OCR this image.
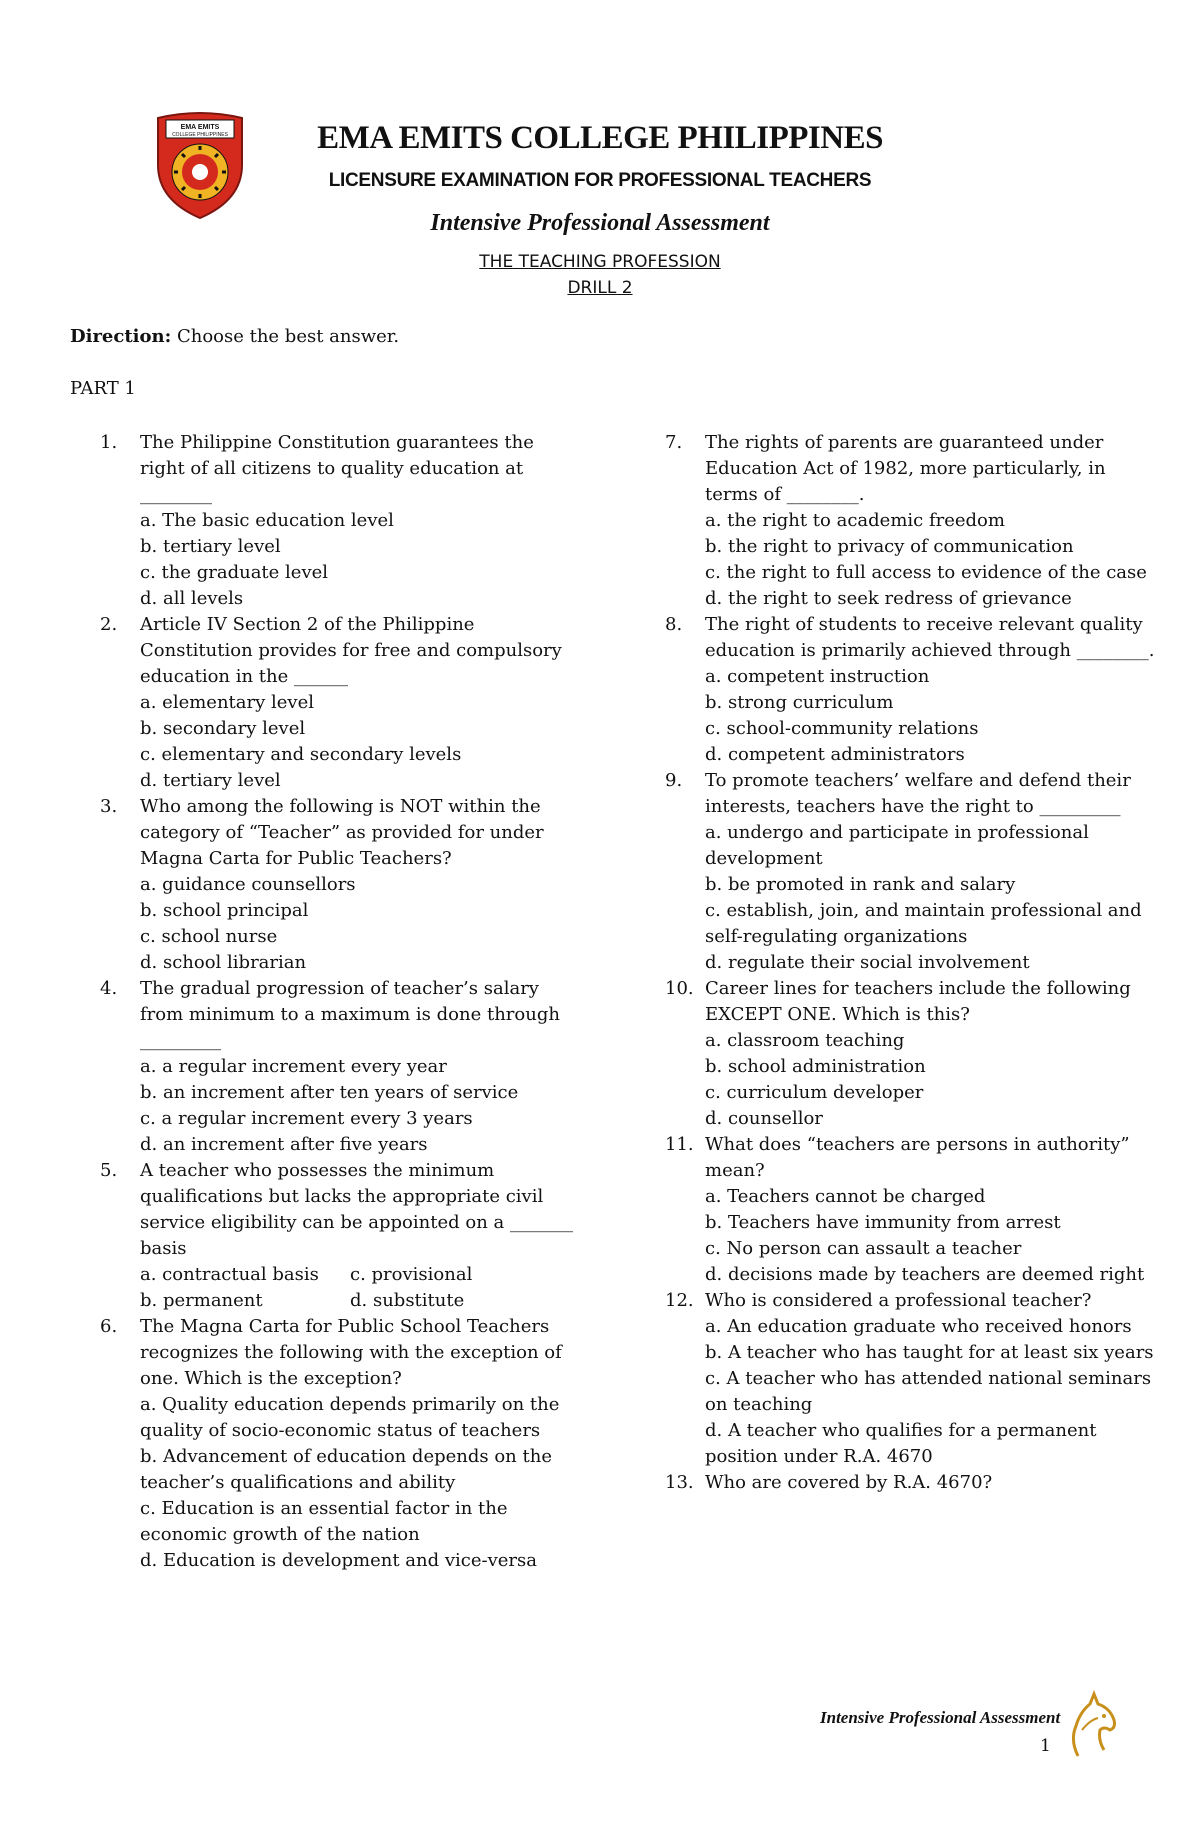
EMA EMITS
COLLEGE PHILIPPINES	EMA EMITS COLLEGE PHILIPPINES
LICENSURE EXAMINATION FOR PROFESSIONAL TEACHERS
Intensive Professional Assessment
THE TEACHING PROFESSION
DRILL 2
Direction: Choose the best answer.
PART 1
1.	The Philippine Constitution guarantees the right of all citizens to quality education at ________
a. The basic education level
b. tertiary level
c. the graduate level
d. all levels
2.	Article IV Section 2 of the Philippine Constitution provides for free and compulsory education in the ______
a. elementary level
b. secondary level
c. elementary and secondary levels
d. tertiary level
3.	Who among the following is NOT within the category of “Teacher” as provided for under Magna Carta for Public Teachers?
a. guidance counsellors
b. school principal
c. school nurse
d. school librarian
4.	The gradual progression of teacher’s salary from minimum to a maximum is done through _________
a. a regular increment every year
b. an increment after ten years of service
c. a regular increment every 3 years
d. an increment after five years
5.	A teacher who possesses the minimum qualifications but lacks the appropriate civil service eligibility can be appointed on a _______ basis
a. contractual basis	c. provisional
b. permanent	d. substitute
6.	The Magna Carta for Public School Teachers recognizes the following with the exception of one. Which is the exception?
a. Quality education depends primarily on the quality of socio-economic status of teachers
b. Advancement of education depends on the teacher’s qualifications and ability
c. Education is an essential factor in the economic growth of the nation
d. Education is development and vice-versa
7.	The rights of parents are guaranteed under Education Act of 1982, more particularly, in terms of ________.
a. the right to academic freedom
b. the right to privacy of communication
c. the right to full access to evidence of the case
d. the right to seek redress of grievance
8.	The right of students to receive relevant quality education is primarily achieved through ________.
a. competent instruction
b. strong curriculum
c. school-community relations
d. competent administrators
9.	To promote teachers’ welfare and defend their interests, teachers have the right to _________
a. undergo and participate in professional development
b. be promoted in rank and salary
c. establish, join, and maintain professional and self-regulating organizations
d. regulate their social involvement
10. Career lines for teachers include the following EXCEPT ONE. Which is this?
a. classroom teaching
b. school administration
c. curriculum developer
d. counsellor
11. What does “teachers are persons in authority” mean?
a. Teachers cannot be charged
b. Teachers have immunity from arrest
c. No person can assault a teacher
d. decisions made by teachers are deemed right
12. Who is considered a professional teacher?
a. An education graduate who received honors
b. A teacher who has taught for at least six years
c. A teacher who has attended national seminars on teaching
d. A teacher who qualifies for a permanent position under R.A. 4670
13. Who are covered by R.A. 4670?
Intensive Professional Assessment
1
